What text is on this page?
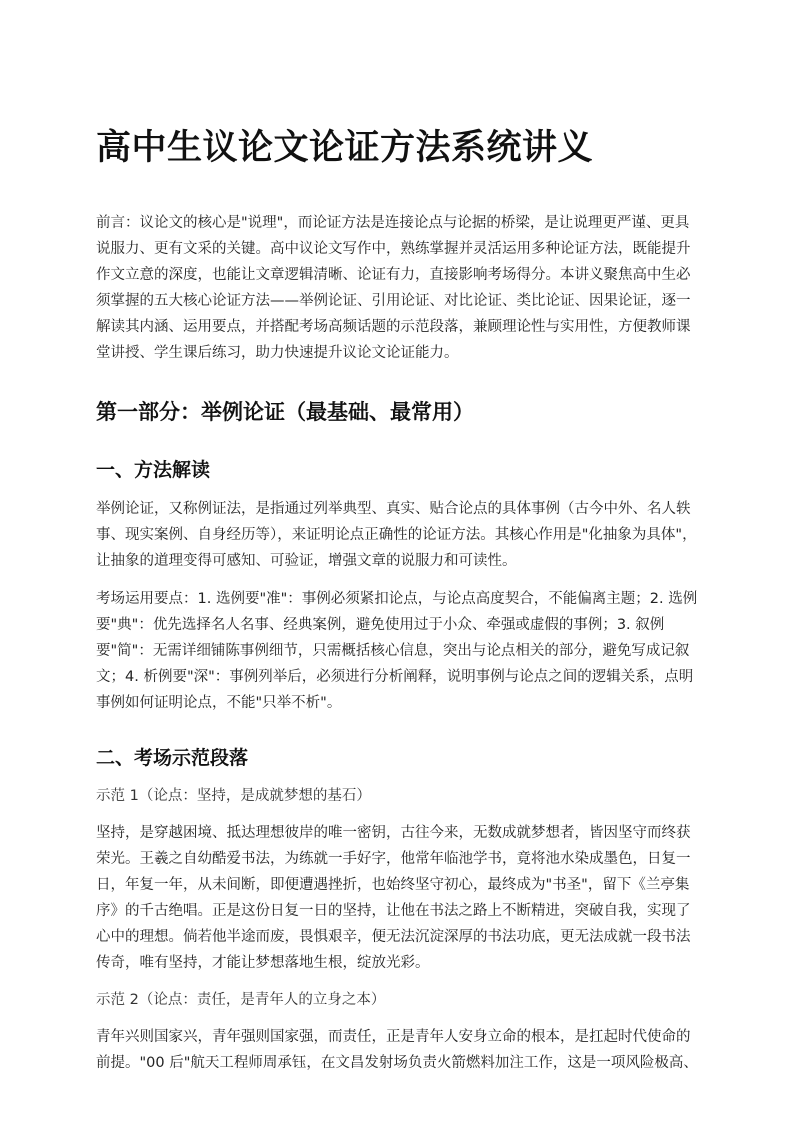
高中生议论文论证方法系统讲义

前言：议论文的核心是"说理"，而论证方法是连接论点与论据的桥梁，是让说理更严谨、更具说服力、更有文采的关键。高中议论文写作中，熟练掌握并灵活运用多种论证方法，既能提升作文立意的深度，也能让文章逻辑清晰、论证有力，直接影响考场得分。本讲义聚焦高中生必须掌握的五大核心论证方法——举例论证、引用论证、对比论证、类比论证、因果论证，逐一解读其内涵、运用要点，并搭配考场高频话题的示范段落，兼顾理论性与实用性，方便教师课堂讲授、学生课后练习，助力快速提升议论文论证能力。

第一部分：举例论证（最基础、最常用）
一、方法解读

举例论证，又称例证法，是指通过列举典型、真实、贴合论点的具体事例（古今中外、名人轶事、现实案例、自身经历等），来证明论点正确性的论证方法。其核心作用是"化抽象为具体"，让抽象的道理变得可感知、可验证，增强文章的说服力和可读性。

考场运用要点：1. 选例要"准"：事例必须紧扣论点，与论点高度契合，不能偏离主题；2. 选例要"典"：优先选择名人名事、经典案例，避免使用过于小众、牵强或虚假的事例；3. 叙例要"简"：无需详细铺陈事例细节，只需概括核心信息，突出与论点相关的部分，避免写成记叙文；4. 析例要"深"：事例列举后，必须进行分析阐释，说明事例与论点之间的逻辑关系，点明事例如何证明论点，不能"只举不析"。

二、考场示范段落

示范 1（论点：坚持，是成就梦想的基石）

坚持，是穿越困境、抵达理想彼岸的唯一密钥，古往今来，无数成就梦想者，皆因坚守而终获荣光。王羲之自幼酷爱书法，为练就一手好字，他常年临池学书，竟将池水染成墨色，日复一日，年复一年，从未间断，即便遭遇挫折，也始终坚守初心，最终成为"书圣"，留下《兰亭集序》的千古绝唱。正是这份日复一日的坚持，让他在书法之路上不断精进，突破自我，实现了心中的理想。倘若他半途而废，畏惧艰辛，便无法沉淀深厚的书法功底，更无法成就一段书法传奇，唯有坚持，才能让梦想落地生根，绽放光彩。

示范 2（论点：责任，是青年人的立身之本）

青年兴则国家兴，青年强则国家强，而责任，正是青年人安身立命的根本，是扛起时代使命的前提。"00 后"航天工程师周承钰，在文昌发射场负责火箭燃料加注工作，这是一项风险极高、
